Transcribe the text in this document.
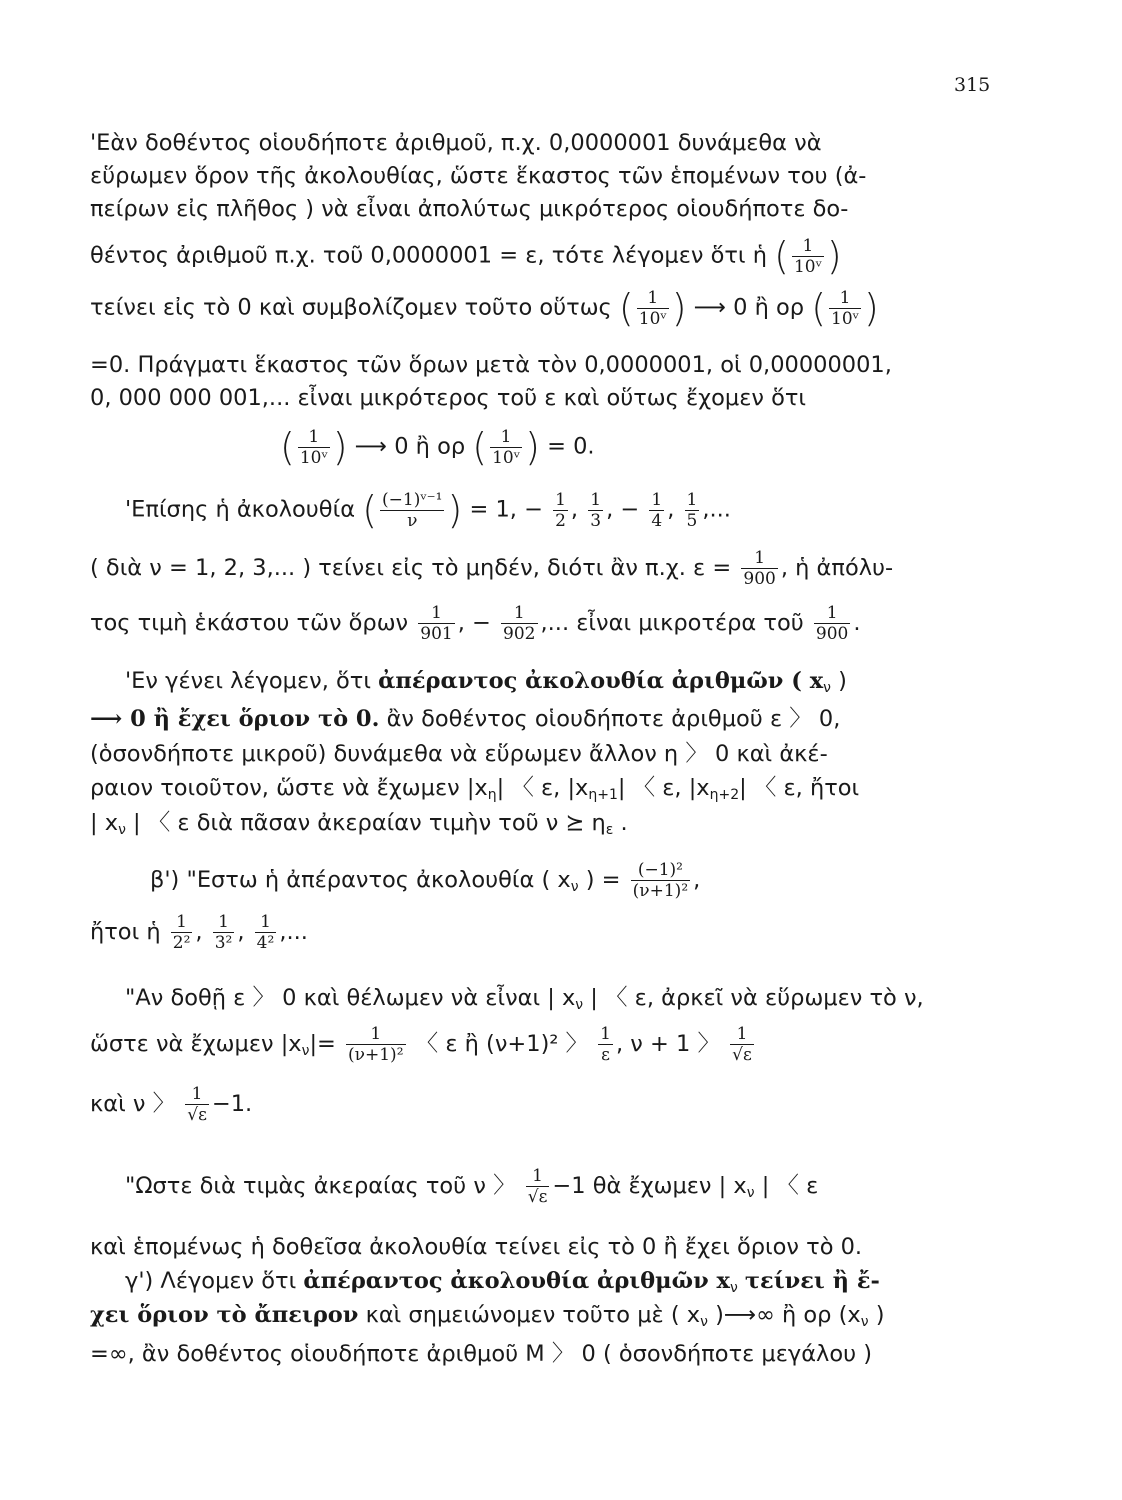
315
'Εὰν δοθέντος οἱουδήποτε ἀριθμοῦ, π.χ. 0,0000001 δυνάμεθα νὰ
εὕρωμεν ὅρον τῆς ἀκολουθίας, ὥστε ἕκαστος τῶν ἑπομένων του (ἀ-
πείρων εἰς πλῆθος ) νὰ εἶναι ἀπολύτως μικρότερος οἱουδήποτε δο-
θέντος ἀριθμοῦ π.χ. τοῦ 0,0000001 = ε, τότε λέγομεν ὅτι ἡ ( $\frac{1}{\text{10ᵛ}}$ )
τείνει εἰς τὸ 0 καὶ συμβολίζομεν τοῦτο οὕτως ( $\frac{1}{\text{10ᵛ}}$ ) ⟶ 0 ἢ ορ ( $\frac{1}{\text{10ᵛ}}$ )
=0. Πράγματι ἕκαστος τῶν ὅρων μετὰ τὸν 0,0000001, οἱ 0,00000001,
0, 000 000 001,... εἶναι μικρότερος τοῦ ε καὶ οὕτως ἔχομεν ὅτι
( $\frac{1}{\text{10ᵛ}}$ ) ⟶ 0 ἢ ορ ( $\frac{1}{\text{10ᵛ}}$ ) = 0.
'Επίσης ἡ ἀκολουθία ( $\frac{\text{(−1)ᵛ⁻¹}}{\nu}$ ) = 1, − $\frac{1}{2}$ , $\frac{1}{3}$ , − $\frac{1}{4}$ , $\frac{1}{5}$ ,...
( διὰ ν = 1, 2, 3,... ) τείνει εἰς τὸ μηδέν, διότι ἂν π.χ. $\varepsilon = \frac{1}{900}$ , ἡ ἀπόλυ-
τος τιμὴ ἑκάστου τῶν ὅρων $\frac{1}{901}$ , − $\frac{1}{902}$ ,... εἶναι μικροτέρα τοῦ $\frac{1}{900}$ .
'Εν γένει λέγομεν, ὅτι ἀπέραντος ἀκολουθία ἀριθμῶν ( $x_\nu$ )
⟶ 0 ἢ ἔχει ὅριον τὸ 0. ἂν δοθέντος οἱουδήποτε ἀριθμοῦ ε 〉 0,
(ὁσονδήποτε μικροῦ) δυνάμεθα νὰ εὕρωμεν ἄλλον η 〉 0 καὶ ἀκέ-
ραιον τοιοῦτον, ὥστε νὰ ἔχωμεν $|x_\eta|$ 〈 ε, $|x_{\eta+1}|$ 〈 ε, $|x_{\eta+2}|$ 〈 ε, ἤτοι
| $x_\nu$ | 〈 ε διὰ πᾶσαν ἀκεραίαν τιμὴν τοῦ ν ⪰ $\eta_\varepsilon$ .
β') "Εστω ἡ ἀπέραντος ἀκολουθία ( $x_\nu$ ) = $\frac{\text{(−1)²}}{\text{(ν+1)²}}$ ,
ἤτοι ἡ $\frac{1}{\text{2²}}$ , $\frac{1}{\text{3²}}$ , $\frac{1}{\text{4²}}$ ,...
"Αν δοθῇ ε 〉 0 καὶ θέλωμεν νὰ εἶναι | $x_\nu$ | 〈 ε, ἀρκεῖ νὰ εὕρωμεν τὸ ν,
ὥστε νὰ ἔχωμεν $|x_\nu|= \frac{1}{\text{(ν+1)²}}$ 〈 ε ἢ (ν+1)² 〉 $\frac{1}{\varepsilon}$ , ν + 1 〉 $\frac{1}{√\varepsilon}$
καὶ ν 〉 $\frac{1}{√\varepsilon} -1$.
"Ωστε διὰ τιμὰς ἀκεραίας τοῦ ν 〉 $\frac{1}{√\varepsilon} -1$ θὰ ἔχωμεν | $x_\nu$ | 〈 ε
καὶ ἑπομένως ἡ δοθεῖσα ἀκολουθία τείνει εἰς τὸ 0 ἢ ἔχει ὅριον τὸ 0.
γ') Λέγομεν ὅτι ἀπέραντος ἀκολουθία ἀριθμῶν $x_\nu$ τείνει ἢ ἔ-
χει ὅριον τὸ ἄπειρον καὶ σημειώνομεν τοῦτο μὲ ( $x_\nu$ )⟶∞ ἢ ορ ($x_\nu$ )
=∞, ἂν δοθέντος οἱουδήποτε ἀριθμοῦ Μ 〉 0 ( ὁσονδήποτε μεγάλου )
